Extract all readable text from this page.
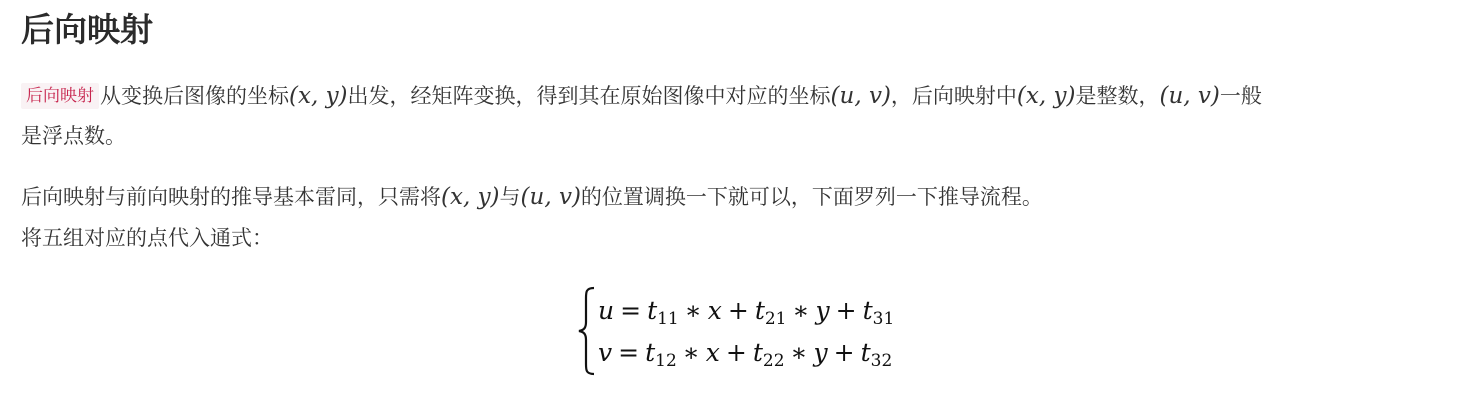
后向映射
后向映射 从变换后图像的坐标(x, y)出发，经矩阵变换，得到其在原始图像中对应的坐标(u, v)，后向映射中(x, y)是整数，(u, v)一般
是浮点数。
后向映射与前向映射的推导基本雷同，只需将(x, y)与(u, v)的位置调换一下就可以，下面罗列一下推导流程。
将五组对应的点代入通式：
$u = t_{11}$ ∗ $x + t_{21}$ ∗ $y + t_{31}$
$v = t_{12}$ ∗ $x + t_{22}$ ∗ $y + t_{32}$
